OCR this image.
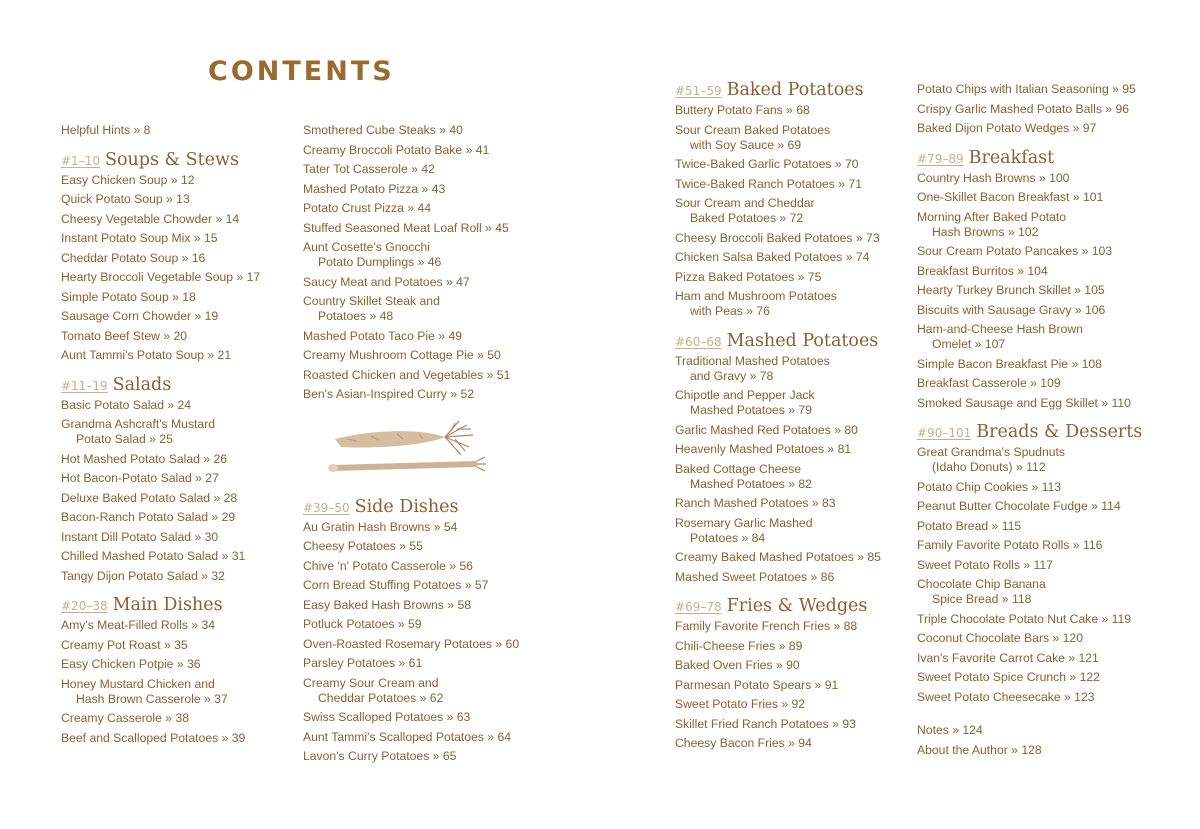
CONTENTS
Helpful Hints » 8
#1–10 Soups & Stews
Easy Chicken Soup » 12
Quick Potato Soup » 13
Cheesy Vegetable Chowder » 14
Instant Potato Soup Mix » 15
Cheddar Potato Soup » 16
Hearty Broccoli Vegetable Soup » 17
Simple Potato Soup » 18
Sausage Corn Chowder » 19
Tomato Beef Stew » 20
Aunt Tammi's Potato Soup » 21
#11–19 Salads
Basic Potato Salad » 24
Grandma Ashcraft's Mustard
Potato Salad » 25
Hot Mashed Potato Salad » 26
Hot Bacon-Potato Salad » 27
Deluxe Baked Potato Salad » 28
Bacon-Ranch Potato Salad » 29
Instant Dill Potato Salad » 30
Chilled Mashed Potato Salad » 31
Tangy Dijon Potato Salad » 32
#20–38 Main Dishes
Amy's Meat-Filled Rolls » 34
Creamy Pot Roast » 35
Easy Chicken Potpie » 36
Honey Mustard Chicken and
Hash Brown Casserole » 37
Creamy Casserole » 38
Beef and Scalloped Potatoes » 39
Smothered Cube Steaks » 40
Creamy Broccoli Potato Bake » 41
Tater Tot Casserole » 42
Mashed Potato Pizza » 43
Potato Crust Pizza » 44
Stuffed Seasoned Meat Loaf Roll » 45
Aunt Cosette's Gnocchi
Potato Dumplings » 46
Saucy Meat and Potatoes » 47
Country Skillet Steak and
Potatoes » 48
Mashed Potato Taco Pie » 49
Creamy Mushroom Cottage Pie » 50
Roasted Chicken and Vegetables » 51
Ben's Asian-Inspired Curry » 52
#39–50 Side Dishes
Au Gratin Hash Browns » 54
Cheesy Potatoes » 55
Chive 'n' Potato Casserole » 56
Corn Bread Stuffing Potatoes » 57
Easy Baked Hash Browns » 58
Potluck Potatoes » 59
Oven-Roasted Rosemary Potatoes » 60
Parsley Potatoes » 61
Creamy Sour Cream and
Cheddar Potatoes » 62
Swiss Scalloped Potatoes » 63
Aunt Tammi's Scalloped Potatoes » 64
Lavon's Curry Potatoes » 65
#51–59 Baked Potatoes
Buttery Potato Fans » 68
Sour Cream Baked Potatoes
with Soy Sauce » 69
Twice-Baked Garlic Potatoes » 70
Twice-Baked Ranch Potatoes » 71
Sour Cream and Cheddar
Baked Potatoes » 72
Cheesy Broccoli Baked Potatoes » 73
Chicken Salsa Baked Potatoes » 74
Pizza Baked Potatoes » 75
Ham and Mushroom Potatoes
with Peas » 76
#60–68 Mashed Potatoes
Traditional Mashed Potatoes
and Gravy » 78
Chipotle and Pepper Jack
Mashed Potatoes » 79
Garlic Mashed Red Potatoes » 80
Heavenly Mashed Potatoes » 81
Baked Cottage Cheese
Mashed Potatoes » 82
Ranch Mashed Potatoes » 83
Rosemary Garlic Mashed
Potatoes » 84
Creamy Baked Mashed Potatoes » 85
Mashed Sweet Potatoes » 86
#69–78 Fries & Wedges
Family Favorite French Fries » 88
Chili-Cheese Fries » 89
Baked Oven Fries » 90
Parmesan Potato Spears » 91
Sweet Potato Fries » 92
Skillet Fried Ranch Potatoes » 93
Cheesy Bacon Fries » 94
Potato Chips with Italian Seasoning » 95
Crispy Garlic Mashed Potato Balls » 96
Baked Dijon Potato Wedges » 97
#79–89 Breakfast
Country Hash Browns » 100
One-Skillet Bacon Breakfast » 101
Morning After Baked Potato
Hash Browns » 102
Sour Cream Potato Pancakes » 103
Breakfast Burritos » 104
Hearty Turkey Brunch Skillet » 105
Biscuits with Sausage Gravy » 106
Ham-and-Cheese Hash Brown
Omelet » 107
Simple Bacon Breakfast Pie » 108
Breakfast Casserole » 109
Smoked Sausage and Egg Skillet » 110
#90–101 Breads & Desserts
Great Grandma's Spudnuts
(Idaho Donuts) » 112
Potato Chip Cookies » 113
Peanut Butter Chocolate Fudge » 114
Potato Bread » 115
Family Favorite Potato Rolls » 116
Sweet Potato Rolls » 117
Chocolate Chip Banana
Spice Bread » 118
Triple Chocolate Potato Nut Cake » 119
Coconut Chocolate Bars » 120
Ivan's Favorite Carrot Cake » 121
Sweet Potato Spice Crunch » 122
Sweet Potato Cheesecake » 123
Notes » 124
About the Author » 128
